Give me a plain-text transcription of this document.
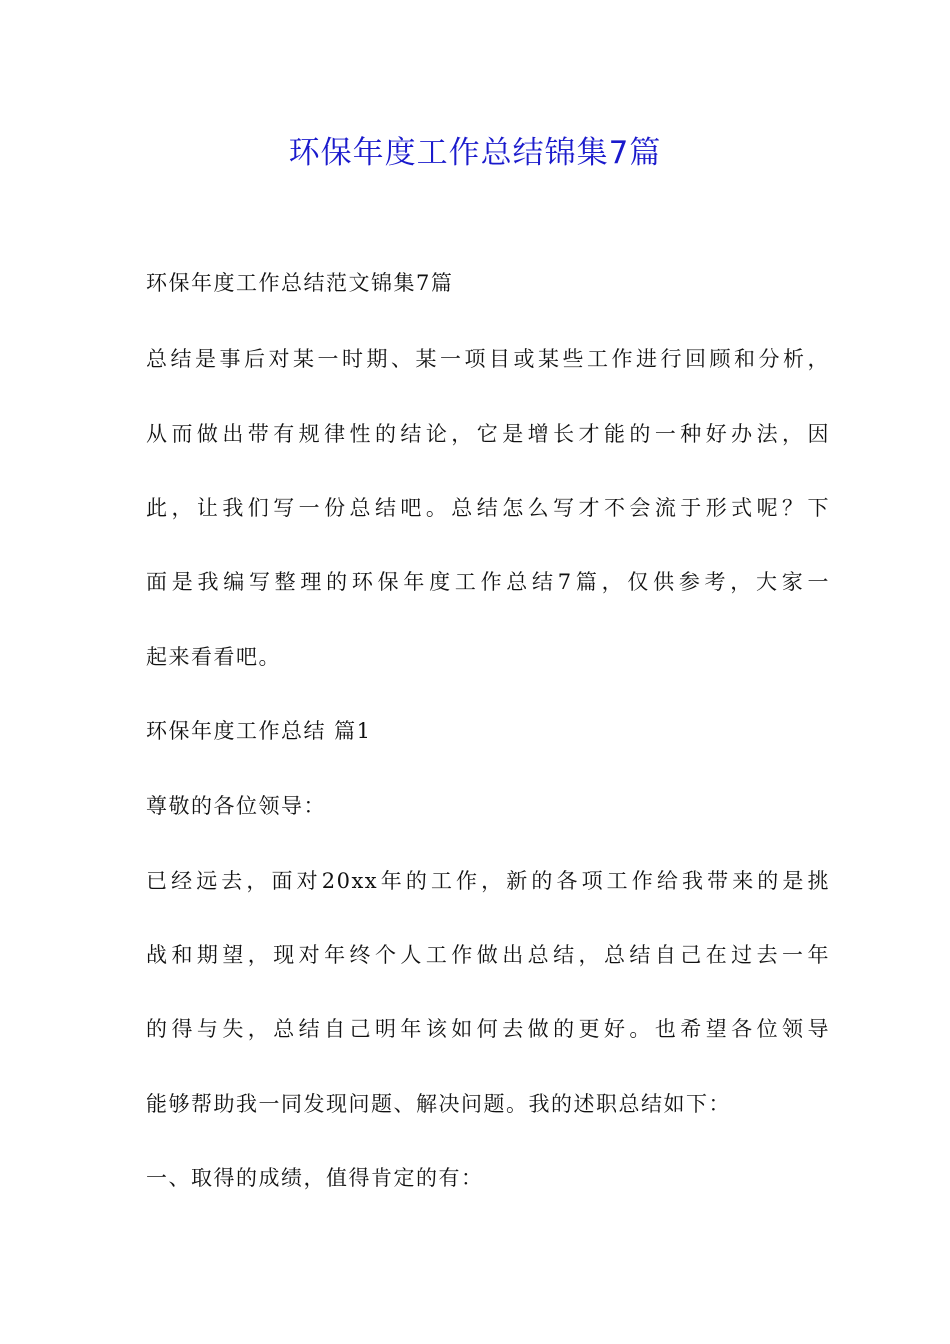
环保年度工作总结锦集7篇
环保年度工作总结范文锦集7篇
总结是事后对某一时期、某一项目或某些工作进行回顾和分析，
从而做出带有规律性的结论，它是增长才能的一种好办法，因
此，让我们写一份总结吧。总结怎么写才不会流于形式呢？下
面是我编写整理的环保年度工作总结7篇，仅供参考，大家一
起来看看吧。
环保年度工作总结 篇1
尊敬的各位领导：
已经远去，面对20xx年的工作，新的各项工作给我带来的是挑
战和期望，现对年终个人工作做出总结，总结自己在过去一年
的得与失，总结自己明年该如何去做的更好。也希望各位领导
能够帮助我一同发现问题、解决问题。我的述职总结如下：
一、取得的成绩，值得肯定的有：
